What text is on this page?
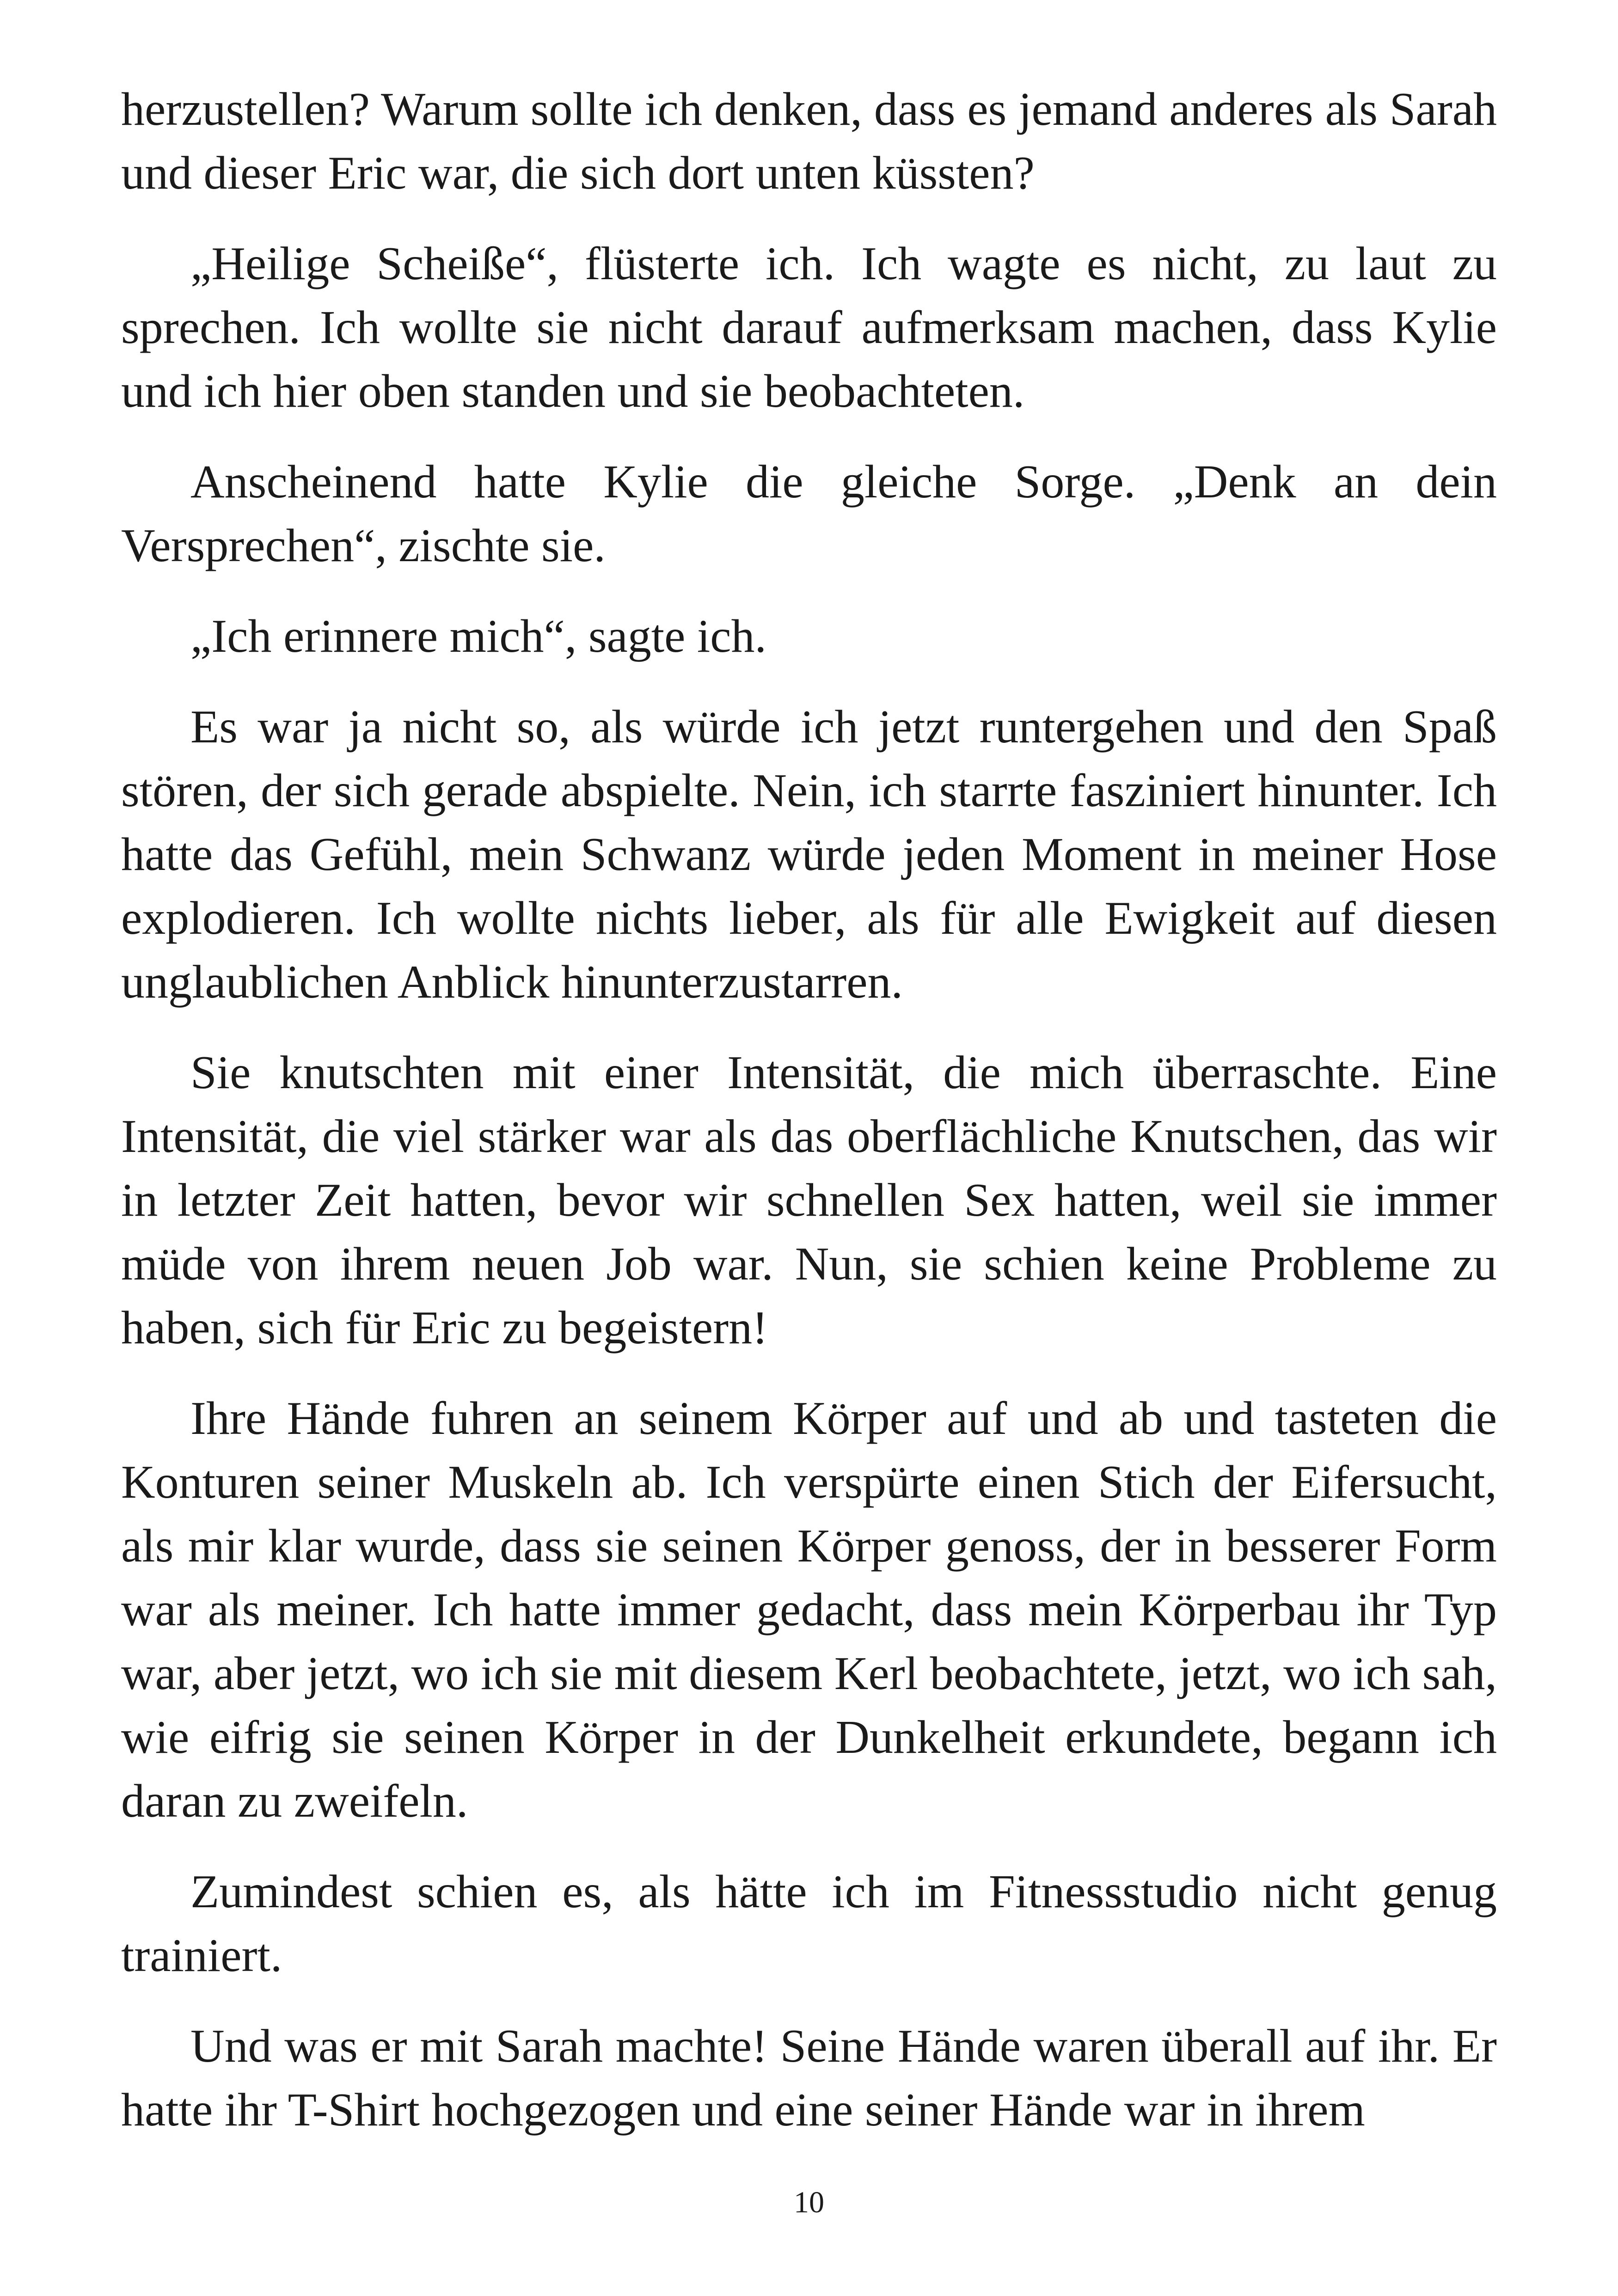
herzustellen? Warum sollte ich denken, dass es jemand anderes als Sarah und dieser Eric war, die sich dort unten küssten?

„Heilige Scheiße“, flüsterte ich. Ich wagte es nicht, zu laut zu sprechen. Ich wollte sie nicht darauf aufmerksam machen, dass Kylie und ich hier oben standen und sie beobachteten.

Anscheinend hatte Kylie die gleiche Sorge. „Denk an dein Versprechen“, zischte sie.

„Ich erinnere mich“, sagte ich.

Es war ja nicht so, als würde ich jetzt runtergehen und den Spaß stören, der sich gerade abspielte. Nein, ich starrte fasziniert hinunter. Ich hatte das Gefühl, mein Schwanz würde jeden Moment in meiner Hose explodieren. Ich wollte nichts lieber, als für alle Ewigkeit auf diesen unglaublichen Anblick hinunterzustarren.

Sie knutschten mit einer Intensität, die mich überraschte. Eine Intensität, die viel stärker war als das oberflächliche Knutschen, das wir in letzter Zeit hatten, bevor wir schnellen Sex hatten, weil sie immer müde von ihrem neuen Job war. Nun, sie schien keine Probleme zu haben, sich für Eric zu begeistern!

Ihre Hände fuhren an seinem Körper auf und ab und tasteten die Konturen seiner Muskeln ab. Ich verspürte einen Stich der Eifersucht, als mir klar wurde, dass sie seinen Körper genoss, der in besserer Form war als meiner. Ich hatte immer gedacht, dass mein Körperbau ihr Typ war, aber jetzt, wo ich sie mit diesem Kerl beobachtete, jetzt, wo ich sah, wie eifrig sie seinen Körper in der Dunkelheit erkundete, begann ich daran zu zweifeln.

Zumindest schien es, als hätte ich im Fitnessstudio nicht genug trainiert.

Und was er mit Sarah machte! Seine Hände waren überall auf ihr. Er hatte ihr T-Shirt hochgezogen und eine seiner Hände war in ihrem

10
